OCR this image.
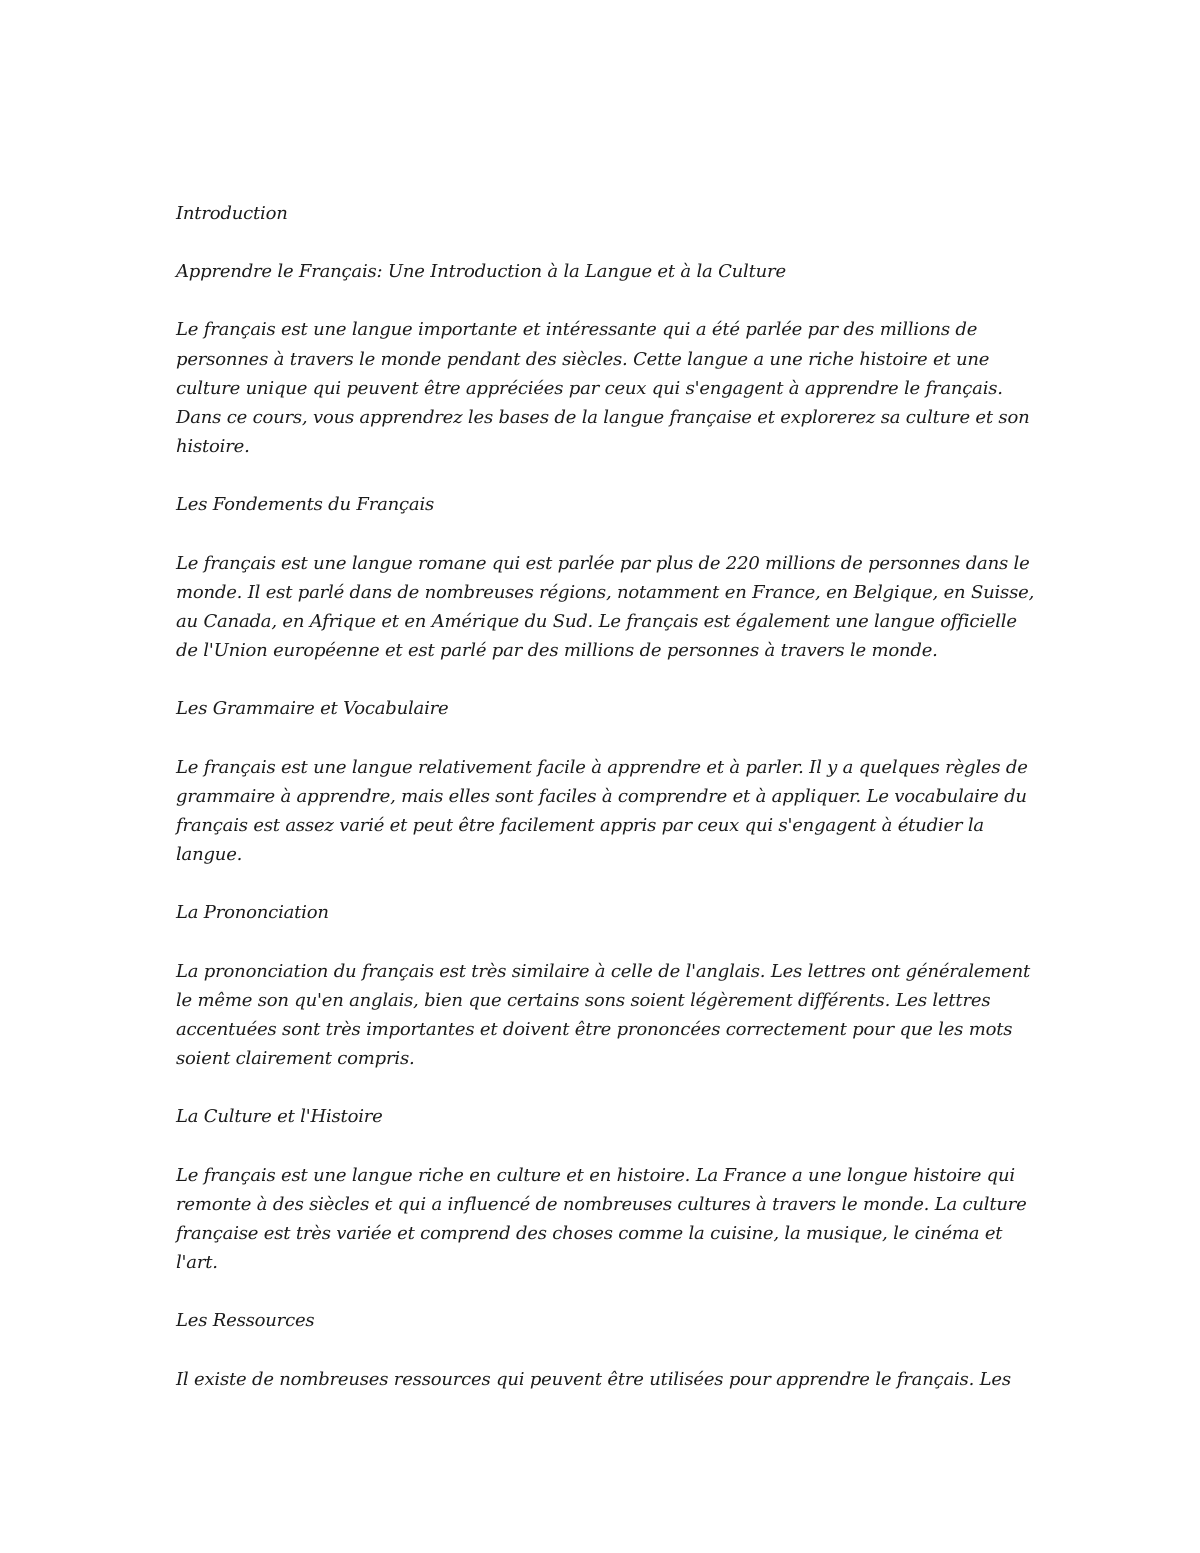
Introduction

Apprendre le Français: Une Introduction à la Langue et à la Culture

Le français est une langue importante et intéressante qui a été parlée par des millions de personnes à travers le monde pendant des siècles. Cette langue a une riche histoire et une culture unique qui peuvent être appréciées par ceux qui s'engagent à apprendre le français. Dans ce cours, vous apprendrez les bases de la langue française et explorerez sa culture et son histoire.

Les Fondements du Français

Le français est une langue romane qui est parlée par plus de 220 millions de personnes dans le monde. Il est parlé dans de nombreuses régions, notamment en France, en Belgique, en Suisse, au Canada, en Afrique et en Amérique du Sud. Le français est également une langue officielle de l'Union européenne et est parlé par des millions de personnes à travers le monde.

Les Grammaire et Vocabulaire

Le français est une langue relativement facile à apprendre et à parler. Il y a quelques règles de grammaire à apprendre, mais elles sont faciles à comprendre et à appliquer. Le vocabulaire du français est assez varié et peut être facilement appris par ceux qui s'engagent à étudier la langue.

La Prononciation

La prononciation du français est très similaire à celle de l'anglais. Les lettres ont généralement le même son qu'en anglais, bien que certains sons soient légèrement différents. Les lettres accentuées sont très importantes et doivent être prononcées correctement pour que les mots soient clairement compris.

La Culture et l'Histoire

Le français est une langue riche en culture et en histoire. La France a une longue histoire qui remonte à des siècles et qui a influencé de nombreuses cultures à travers le monde. La culture française est très variée et comprend des choses comme la cuisine, la musique, le cinéma et l'art.

Les Ressources

Il existe de nombreuses ressources qui peuvent être utilisées pour apprendre le français. Les
